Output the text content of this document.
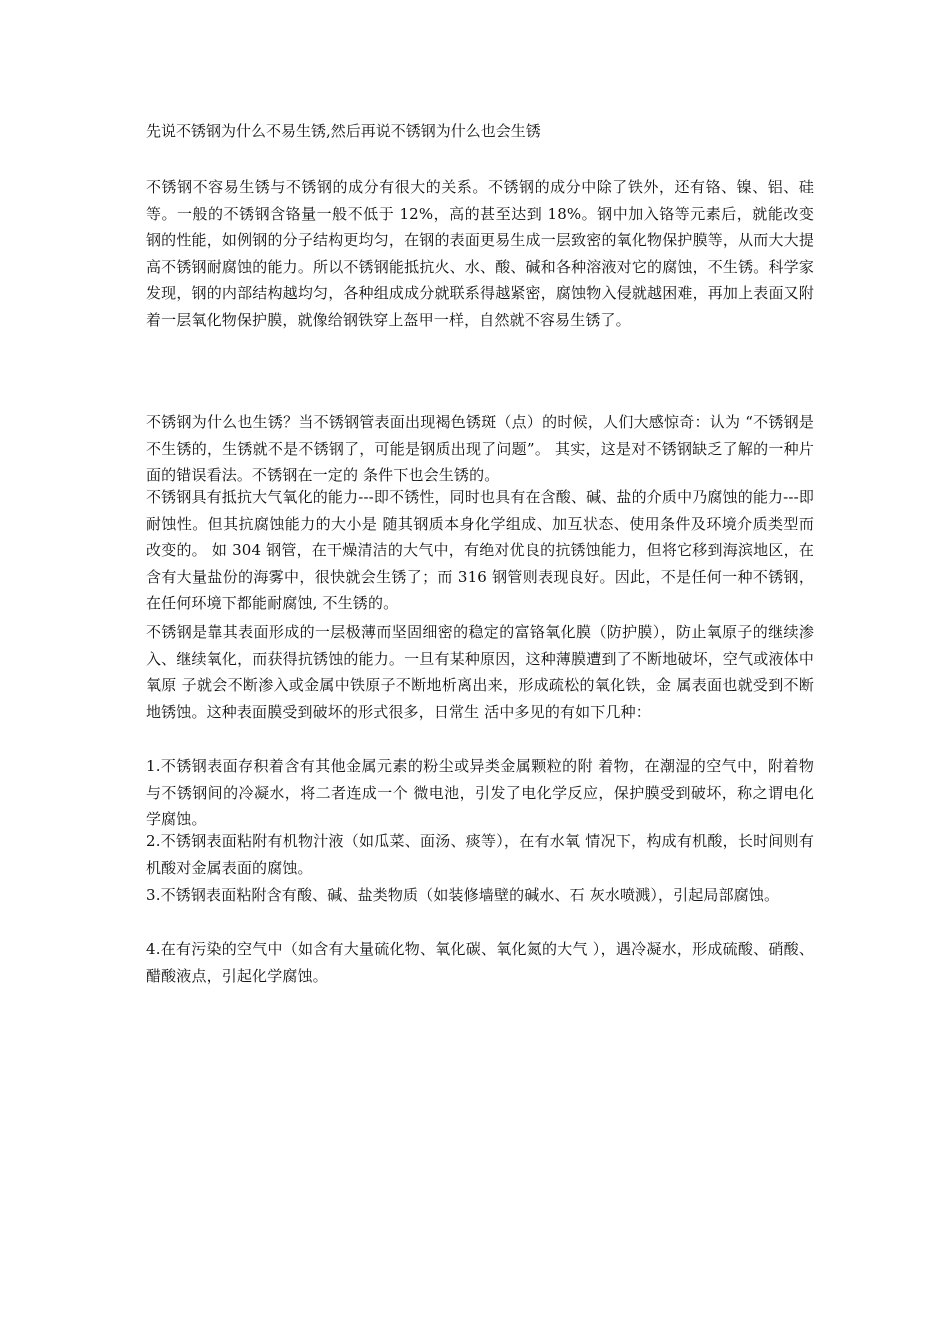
先说不锈钢为什么不易生锈,然后再说不锈钢为什么也会生锈

不锈钢不容易生锈与不锈钢的成分有很大的关系。不锈钢的成分中除了铁外，还有铬、镍、铝、硅等。一般的不锈钢含铬量一般不低于 12%，高的甚至达到 18%。钢中加入铬等元素后，就能改变钢的性能，如例钢的分子结构更均匀，在钢的表面更易生成一层致密的氧化物保护膜等，从而大大提高不锈钢耐腐蚀的能力。所以不锈钢能抵抗火、水、酸、碱和各种溶液对它的腐蚀，不生锈。科学家发现，钢的内部结构越均匀，各种组成成分就联系得越紧密，腐蚀物入侵就越困难，再加上表面又附着一层氧化物保护膜，就像给钢铁穿上盔甲一样，自然就不容易生锈了。

不锈钢为什么也生锈？当不锈钢管表面出现褐色锈斑（点）的时候，人们大感惊奇：认为 “不锈钢是不生锈的，生锈就不是不锈钢了，可能是钢质出现了问题”。 其实，这是对不锈钢缺乏了解的一种片面的错误看法。不锈钢在一定的 条件下也会生锈的。

不锈钢具有抵抗大气氧化的能力---即不锈性，同时也具有在含酸、碱、盐的介质中乃腐蚀的能力---即耐蚀性。但其抗腐蚀能力的大小是 随其钢质本身化学组成、加互状态、使用条件及环境介质类型而改变的。 如 304 钢管，在干燥清洁的大气中，有绝对优良的抗锈蚀能力，但将它移到海滨地区，在含有大量盐份的海雾中，很快就会生锈了；而 316 钢管则表现良好。因此，不是任何一种不锈钢，在任何环境下都能耐腐蚀, 不生锈的。

不锈钢是靠其表面形成的一层极薄而坚固细密的稳定的富铬氧化膜（防护膜），防止氧原子的继续渗入、继续氧化，而获得抗锈蚀的能力。一旦有某种原因，这种薄膜遭到了不断地破坏，空气或液体中氧原 子就会不断渗入或金属中铁原子不断地析离出来，形成疏松的氧化铁，金 属表面也就受到不断地锈蚀。这种表面膜受到破坏的形式很多，日常生 活中多见的有如下几种：

1.不锈钢表面存积着含有其他金属元素的粉尘或异类金属颗粒的附 着物，在潮湿的空气中，附着物与不锈钢间的冷凝水，将二者连成一个 微电池，引发了电化学反应，保护膜受到破坏，称之谓电化学腐蚀。

2.不锈钢表面粘附有机物汁液（如瓜菜、面汤、痰等），在有水氧 情况下，构成有机酸，长时间则有机酸对金属表面的腐蚀。

3.不锈钢表面粘附含有酸、碱、盐类物质（如装修墙壁的碱水、石 灰水喷溅），引起局部腐蚀。

4.在有污染的空气中（如含有大量硫化物、氧化碳、氧化氮的大气 ），遇冷凝水，形成硫酸、硝酸、醋酸液点，引起化学腐蚀。
